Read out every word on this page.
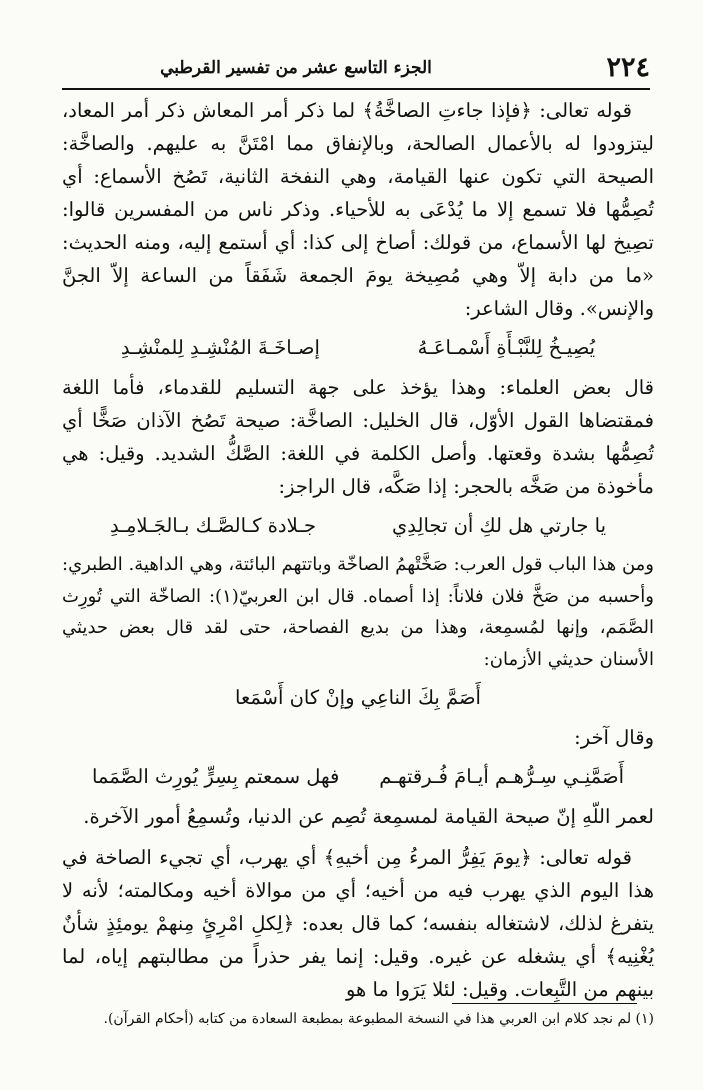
٢٢٤
الجزء التاسع عشر من تفسير القرطبي

قوله تعالى: ﴿فإذا جاءتِ الصاخَّةُ﴾ لما ذكر أمر المعاش ذكر أمر المعاد، ليتزودوا له بالأعمال الصالحة، وبالإنفاق مما امْتَنَّ به عليهم. والصاخَّة: الصيحة التي تكون عنها القيامة، وهي النفخة الثانية، تَصُخ الأسماع: أي تُصِمُّها فلا تسمع إلا ما يُدْعَى به للأحياء. وذكر ناس من المفسرين قالوا: تصِيخ لها الأسماع، من قولك: أصاخ إلى كذا: أي أستمع إليه، ومنه الحديث: «ما من دابة إلاّ وهي مُصِيخة يومَ الجمعة شَفَقاً من الساعة إلاّ الجنَّ والإنس». وقال الشاعر:

يُصِيـخُ لِلنَّبْـأَةِ أَسْمـاعَـهُ
إصـاخَـةَ المُنْشِـدِ لِلمنْشِـدِ

قال بعض العلماء: وهذا يؤخذ على جهة التسليم للقدماء، فأما اللغة فمقتضاها القول الأوّل، قال الخليل: الصاخَّة: صيحة تَصُخ الآذان صَخًّا أي تُصِمُّها بشدة وقعتها. وأصل الكلمة في اللغة: الصَّكُّ الشديد. وقيل: هي مأخوذة من صَخَّه بالحجر: إذا صَكَّه، قال الراجز:

يا جارتي هل لكِ أن تجالِدِي
جـلادة كـالصَّـك بـالجَـلامِـدِ

ومن هذا الباب قول العرب: صَخَّتْهمُ الصاخّة وباتتهم البائتة، وهي الداهية. الطبري: وأحسبه من صَخَّ فلان فلاناً: إذا أصماه. قال ابن العربيّ(١): الصاخّة التي تُورِث الصَّمَم، وإنها لمُسمِعة، وهذا من بديع الفصاحة، حتى لقد قال بعض حديثي الأسنان حديثي الأزمان:

أَصَمَّ بِكَ الناعِي وإنْ كان أَسْمَعا

وقال آخر:

أَصَمَّنِـي سِـرُّهـم أيـامَ فُـرقتهـم
فهل سمعتم بِسِرٍّ يُورِث الصَّمَما

لعمر اللّهِ إنّ صيحة القيامة لمسمِعة تُصِم عن الدنيا، وتُسمِعُ أمور الآخرة.

قوله تعالى: ﴿يومَ يَفِرُّ المرءُ مِن أخيهِ﴾ أي يهرب، أي تجيء الصاخة في هذا اليوم الذي يهرب فيه من أخيه؛ أي من موالاة أخيه ومكالمته؛ لأنه لا يتفرغ لذلك، لاشتغاله بنفسه؛ كما قال بعده: ﴿لِكلِ امْرِئٍ مِنهمْ يومئِذٍ شأنٌ يُغْنِيه﴾ أي يشغله عن غيره. وقيل: إنما يفر حذراً من مطالبتهم إياه، لما بينهم من التَّبِعات. وقيل: لئلا يَرَوا ما هو

(١) لم نجد كلام ابن العربي هذا في النسخة المطبوعة بمطبعة السعادة من كتابه (أحكام القرآن).
